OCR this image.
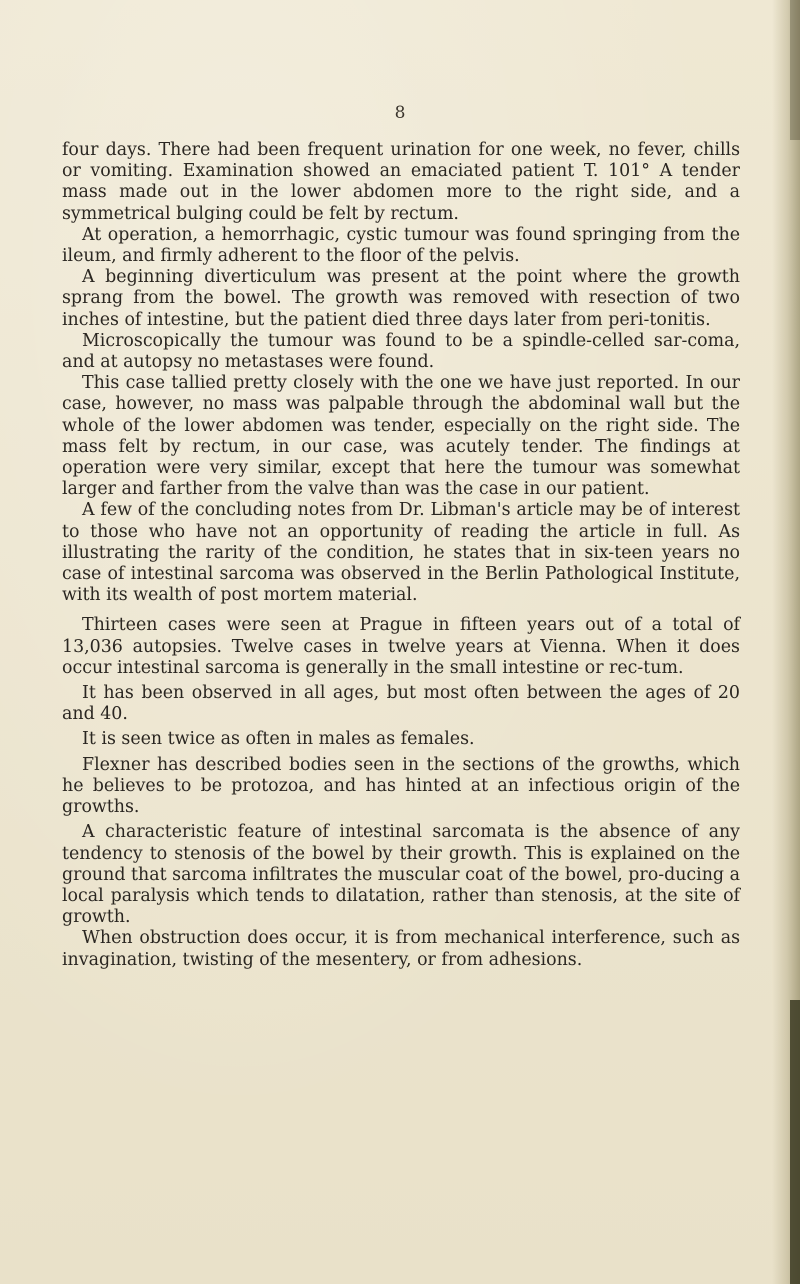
8

four days. There had been frequent urination for one week, no fever, chills or vomiting. Examination showed an emaciated patient T. 101° A tender mass made out in the lower abdomen more to the right side, and a symmetrical bulging could be felt by rectum.

At operation, a hemorrhagic, cystic tumour was found springing from the ileum, and firmly adherent to the floor of the pelvis.

A beginning diverticulum was present at the point where the growth sprang from the bowel. The growth was removed with resection of two inches of intestine, but the patient died three days later from peri-tonitis.

Microscopically the tumour was found to be a spindle-celled sar-coma, and at autopsy no metastases were found.

This case tallied pretty closely with the one we have just reported. In our case, however, no mass was palpable through the abdominal wall but the whole of the lower abdomen was tender, especially on the right side. The mass felt by rectum, in our case, was acutely tender. The findings at operation were very similar, except that here the tumour was somewhat larger and farther from the valve than was the case in our patient.

A few of the concluding notes from Dr. Libman's article may be of interest to those who have not an opportunity of reading the article in full. As illustrating the rarity of the condition, he states that in six-teen years no case of intestinal sarcoma was observed in the Berlin Pathological Institute, with its wealth of post mortem material.

Thirteen cases were seen at Prague in fifteen years out of a total of 13,036 autopsies. Twelve cases in twelve years at Vienna. When it does occur intestinal sarcoma is generally in the small intestine or rec-tum.

It has been observed in all ages, but most often between the ages of 20 and 40.

It is seen twice as often in males as females.

Flexner has described bodies seen in the sections of the growths, which he believes to be protozoa, and has hinted at an infectious origin of the growths.

A characteristic feature of intestinal sarcomata is the absence of any tendency to stenosis of the bowel by their growth. This is explained on the ground that sarcoma infiltrates the muscular coat of the bowel, pro-ducing a local paralysis which tends to dilatation, rather than stenosis, at the site of growth.

When obstruction does occur, it is from mechanical interference, such as invagination, twisting of the mesentery, or from adhesions.
